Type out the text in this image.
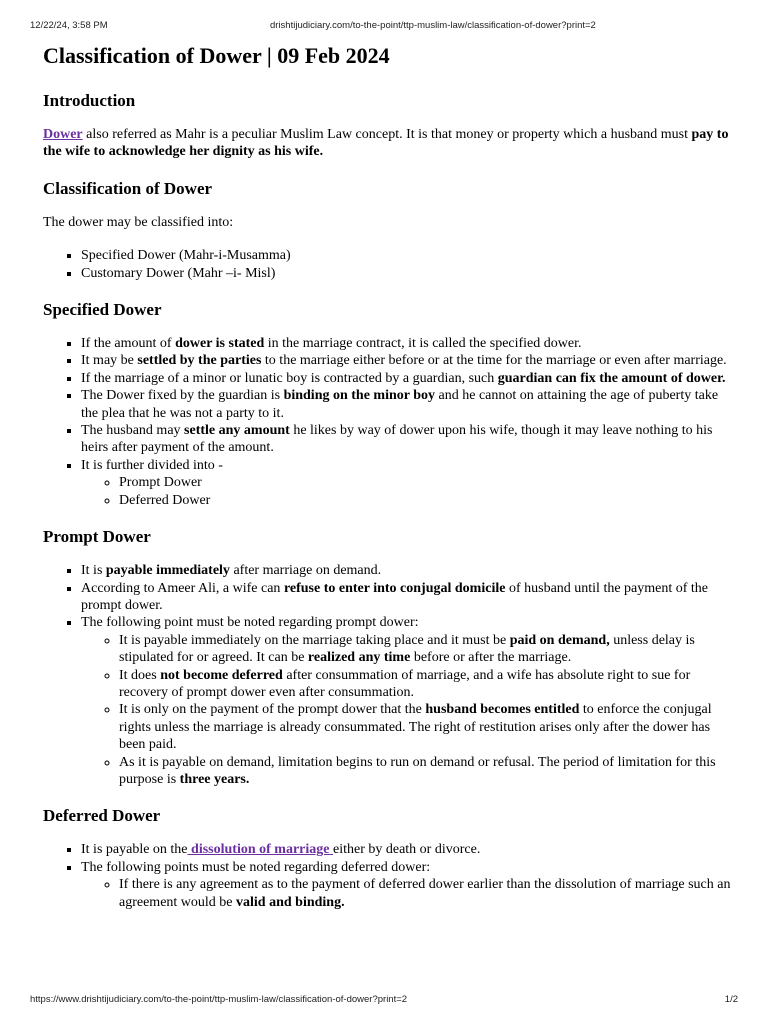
12/22/24, 3:58 PM	drishtijudiciary.com/to-the-point/ttp-muslim-law/classification-of-dower?print=2
Classification of Dower | 09 Feb 2024
Introduction

Dower also referred as Mahr is a peculiar Muslim Law concept. It is that money or property which a husband must pay to the wife to acknowledge her dignity as his wife.

Classification of Dower

The dower may be classified into:

▪ Specified Dower (Mahr-i-Musamma)
▪ Customary Dower (Mahr –i- Misl)
Specified Dower
▪ If the amount of dower is stated in the marriage contract, it is called the specified dower.
▪ It may be settled by the parties to the marriage either before or at the time for the marriage or even after marriage.
▪ If the marriage of a minor or lunatic boy is contracted by a guardian, such guardian can fix the amount of dower.
▪ The Dower fixed by the guardian is binding on the minor boy and he cannot on attaining the age of puberty take the plea that he was not a party to it.
▪ The husband may settle any amount he likes by way of dower upon his wife, though it may leave nothing to his heirs after payment of the amount.
▪ It is further divided into -
◦ Prompt Dower
◦ Deferred Dower
Prompt Dower
▪ It is payable immediately after marriage on demand.
▪ According to Ameer Ali, a wife can refuse to enter into conjugal domicile of husband until the payment of the prompt dower.
▪ The following point must be noted regarding prompt dower:
◦ It is payable immediately on the marriage taking place and it must be paid on demand, unless delay is stipulated for or agreed. It can be realized any time before or after the marriage.
◦ It does not become deferred after consummation of marriage, and a wife has absolute right to sue for recovery of prompt dower even after consummation.
◦ It is only on the payment of the prompt dower that the husband becomes entitled to enforce the conjugal rights unless the marriage is already consummated. The right of restitution arises only after the dower has been paid.
◦ As it is payable on demand, limitation begins to run on demand or refusal. The period of limitation for this purpose is three years.
Deferred Dower
▪ It is payable on the dissolution of marriage either by death or divorce.
▪ The following points must be noted regarding deferred dower:
◦ If there is any agreement as to the payment of deferred dower earlier than the dissolution of marriage such an agreement would be valid and binding.
https://www.drishtijudiciary.com/to-the-point/ttp-muslim-law/classification-of-dower?print=2	1/2
